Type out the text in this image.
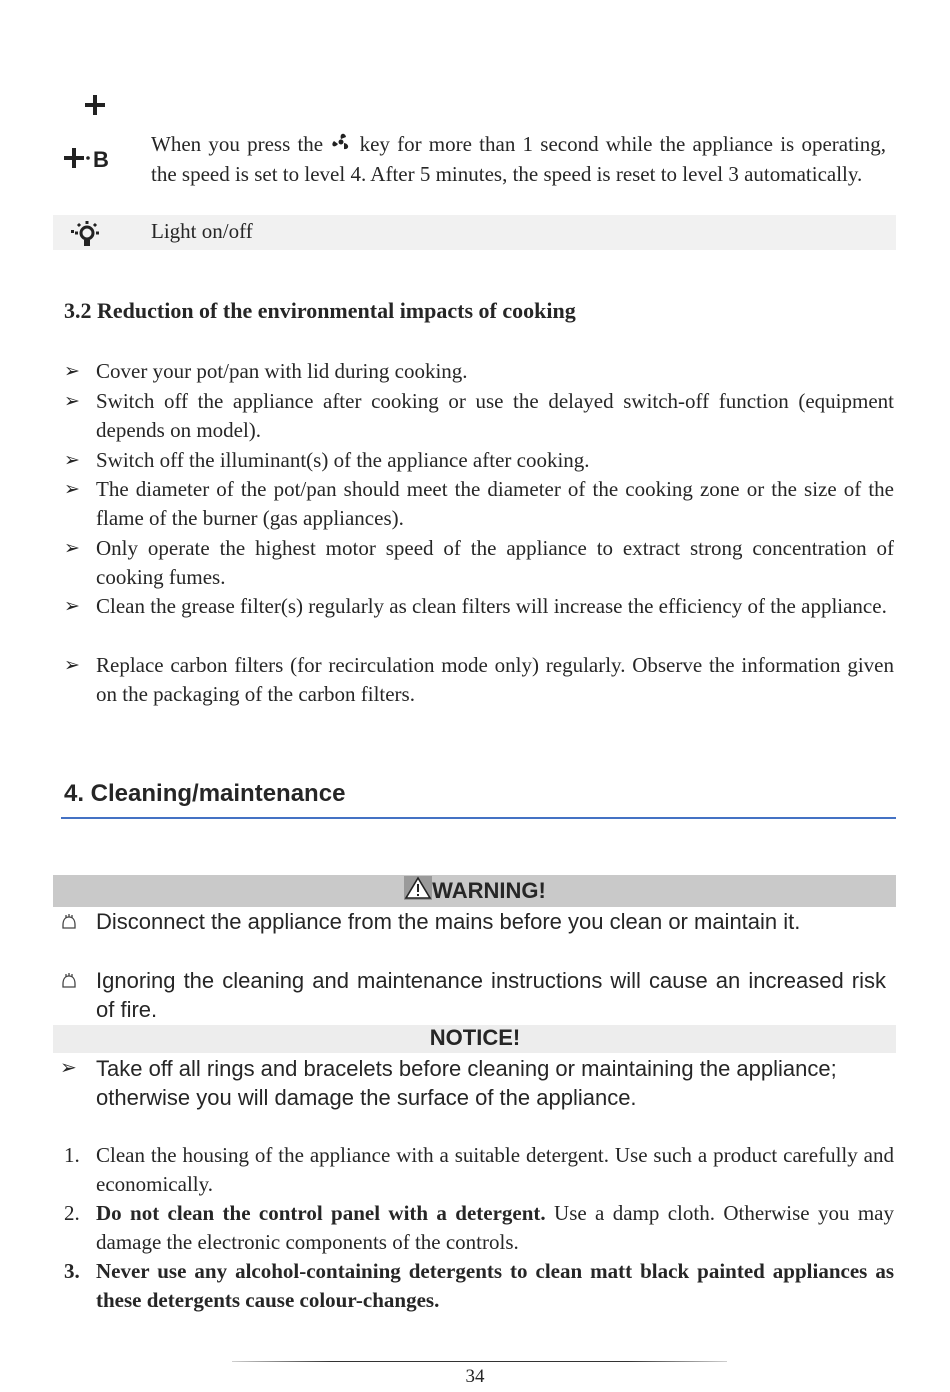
B
When you press the  key for more than 1 second while the appliance is operating, the speed is set to level 4. After 5 minutes, the speed is reset to level 3 automatically.
Light on/off
3.2 Reduction of the environmental impacts of cooking
➢ Cover your pot/pan with lid during cooking.
➢ Switch off the appliance after cooking or use the delayed switch-off function (equipment depends on model).
➢ Switch off the illuminant(s) of the appliance after cooking.
➢ The diameter of the pot/pan should meet the diameter of the cooking zone or the size of the flame of the burner (gas appliances).
➢ Only operate the highest motor speed of the appliance to extract strong concentration of cooking fumes.
➢ Clean the grease filter(s) regularly as clean filters will increase the efficiency of the appliance.
➢ Replace carbon filters (for recirculation mode only) regularly. Observe the information given on the packaging of the carbon filters.
4. Cleaning/maintenance
WARNING!
Disconnect the appliance from the mains before you clean or maintain it.
Ignoring the cleaning and maintenance instructions will cause an increased risk of fire.
NOTICE!
➢ Take off all rings and bracelets before cleaning or maintaining the appliance; otherwise you will damage the surface of the appliance.
1. Clean the housing of the appliance with a suitable detergent. Use such a product carefully and economically.
2. Do not clean the control panel with a detergent. Use a damp cloth. Otherwise you may damage the electronic components of the controls.
3. Never use any alcohol-containing detergents to clean matt black painted appliances as these detergents cause colour-changes.
34
